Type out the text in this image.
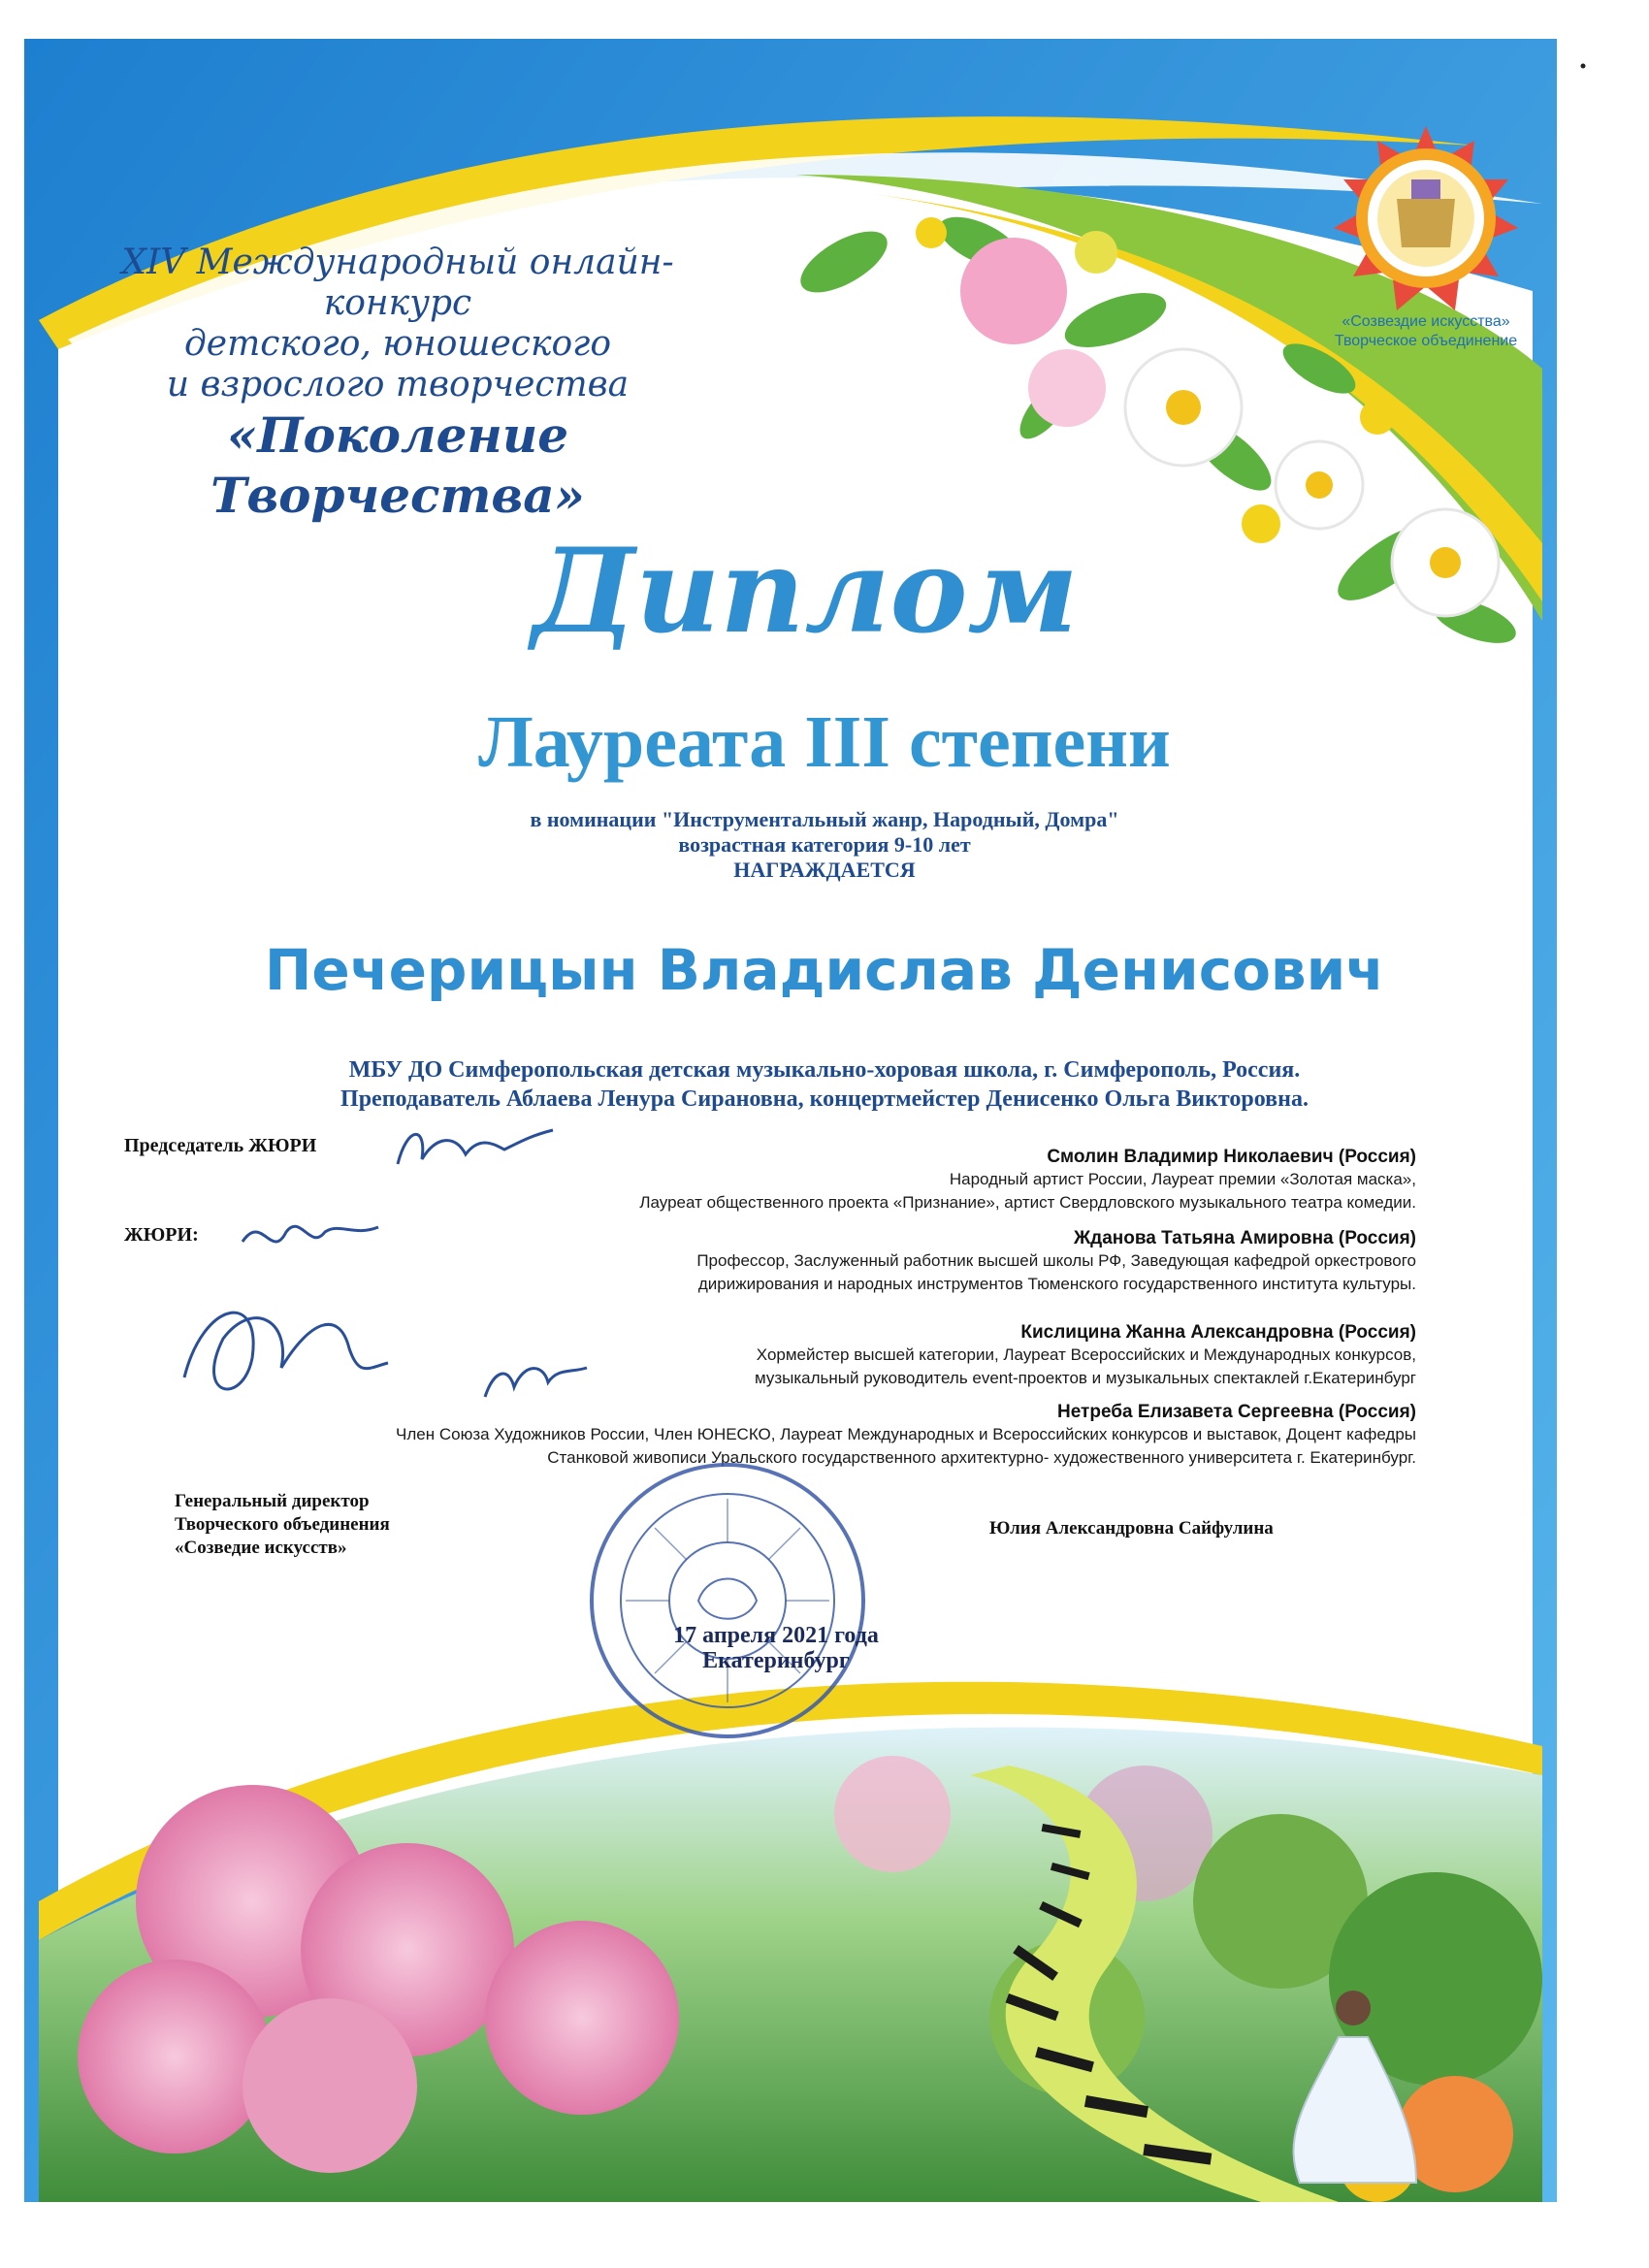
XIV Международный онлайн-конкурс
детского, юношеского
и взрослого творчества
«Поколение Творчества»
«Созвездие искусства»
Творческое объединение
Диплом
Лауреата III степени
в номинации "Инструментальный жанр, Народный, Домра"
возрастная категория 9-10 лет
НАГРАЖДАЕТСЯ
Печерицын Владислав Денисович
МБУ ДО Симферопольская детская музыкально-хоровая школа, г. Симферополь, Россия.
Преподаватель Аблаева Ленура Сирановна, концертмейстер Денисенко Ольга Викторовна.
Председатель ЖЮРИ
ЖЮРИ:
Смолин Владимир Николаевич (Россия)
Народный артист России, Лауреат премии «Золотая маска»,
Лауреат общественного проекта «Признание», артист Свердловского музыкального театра комедии.
Жданова Татьяна Амировна (Россия)
Профессор, Заслуженный работник высшей школы РФ, Заведующая кафедрой оркестрового
дирижирования и народных инструментов Тюменского государственного института культуры.
Кислицина Жанна Александровна (Россия)
Хормейстер высшей категории, Лауреат Всероссийских и Международных конкурсов,
музыкальный руководитель event-проектов и музыкальных спектаклей г.Екатеринбург
Нетреба Елизавета Сергеевна (Россия)
Член Союза Художников России, Член ЮНЕСКО, Лауреат Международных и Всероссийских конкурсов и выставок, Доцент кафедры
Станковой живописи Уральского государственного архитектурно- художественного университета г. Екатеринбург.
Генеральный директор
Творческого объединения
«Созведие искусств»
Юлия Александровна Сайфулина
17 апреля 2021 года
Екатеринбург
